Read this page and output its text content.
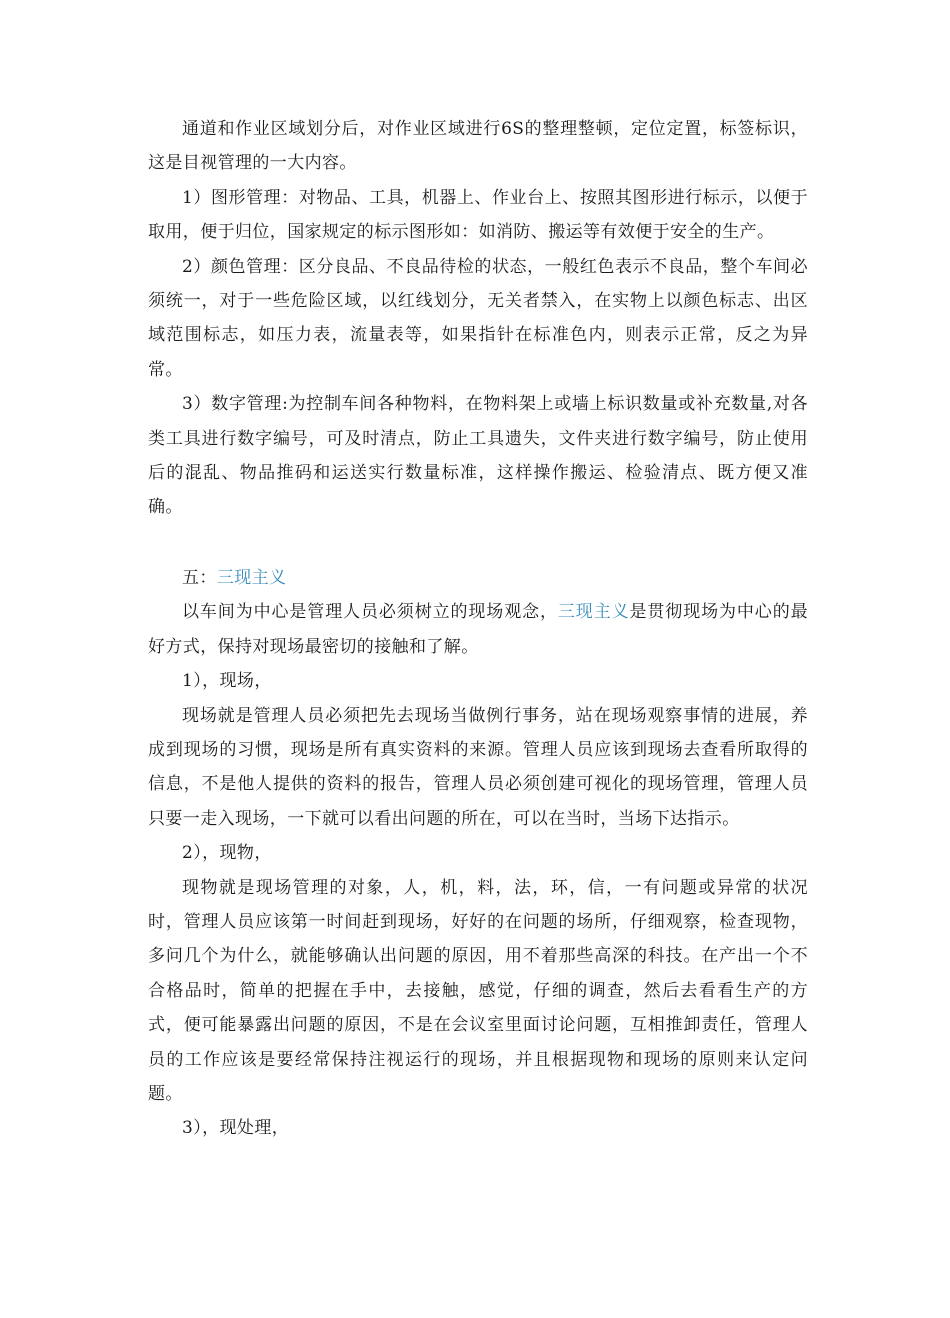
通道和作业区域划分后，对作业区域进行6S的整理整顿，定位定置，标签标识，这是目视管理的一大内容。

1）图形管理：对物品、工具，机器上、作业台上、按照其图形进行标示，以便于取用，便于归位，国家规定的标示图形如：如消防、搬运等有效便于安全的生产。

2）颜色管理：区分良品、不良品待检的状态，一般红色表示不良品，整个车间必须统一，对于一些危险区域，以红线划分，无关者禁入，在实物上以颜色标志、出区域范围标志，如压力表，流量表等，如果指针在标准色内，则表示正常，反之为异常。

3）数字管理:为控制车间各种物料，在物料架上或墙上标识数量或补充数量,对各类工具进行数字编号，可及时清点，防止工具遗失，文件夹进行数字编号，防止使用后的混乱、物品推码和运送实行数量标准，这样操作搬运、检验清点、既方便又准确。

五：三现主义

以车间为中心是管理人员必须树立的现场观念，三现主义是贯彻现场为中心的最好方式，保持对现场最密切的接触和了解。

1），现场，

现场就是管理人员必须把先去现场当做例行事务，站在现场观察事情的进展，养成到现场的习惯，现场是所有真实资料的来源。管理人员应该到现场去查看所取得的信息，不是他人提供的资料的报告，管理人员必须创建可视化的现场管理，管理人员只要一走入现场，一下就可以看出问题的所在，可以在当时，当场下达指示。

2），现物，

现物就是现场管理的对象，人，机，料，法，环，信，一有问题或异常的状况时，管理人员应该第一时间赶到现场，好好的在问题的场所，仔细观察，检查现物，多问几个为什么，就能够确认出问题的原因，用不着那些高深的科技。在产出一个不合格品时，简单的把握在手中，去接触，感觉，仔细的调查，然后去看看生产的方式，便可能暴露出问题的原因，不是在会议室里面讨论问题，互相推卸责任，管理人员的工作应该是要经常保持注视运行的现场，并且根据现物和现场的原则来认定问题。

3），现处理，
